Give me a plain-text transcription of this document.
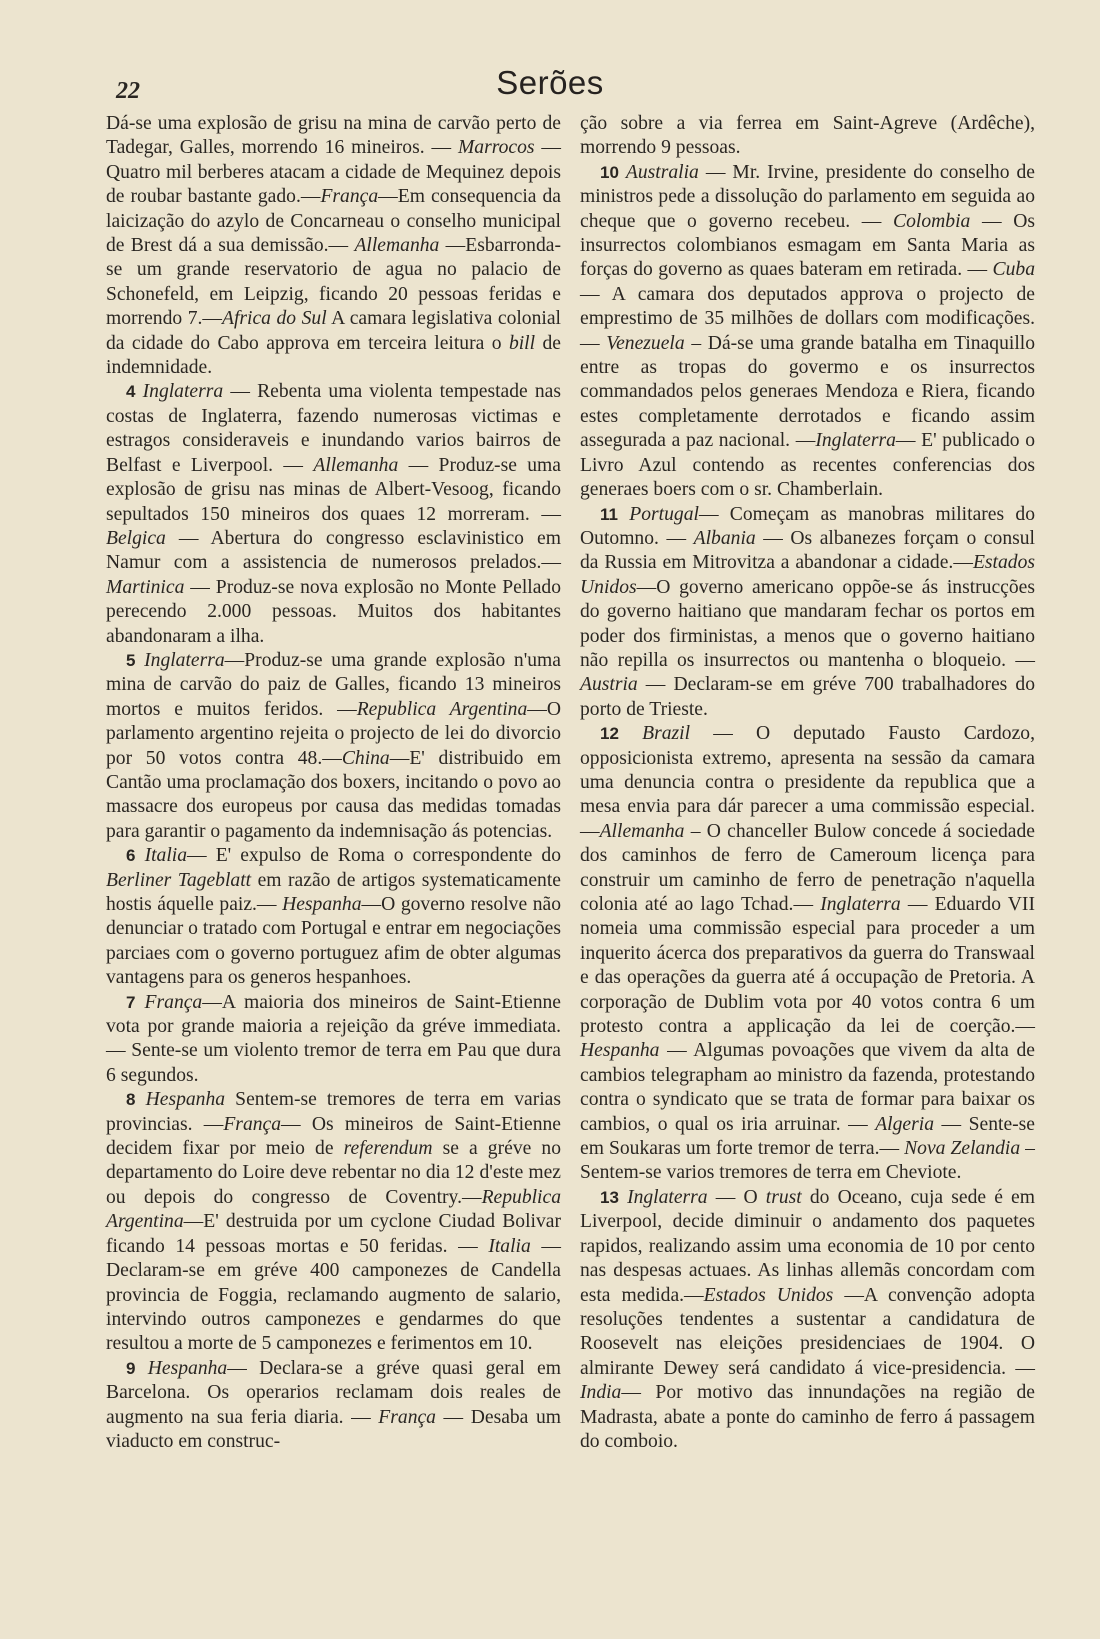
22	Serões

Dá-se uma explosão de grisu na mina de carvão perto de Tadegar, Galles, morrendo 16 mineiros. — Marrocos — Quatro mil berberes atacam a cidade de Mequinez depois de roubar bastante gado.—França—Em consequencia da laicização do azylo de Concarneau o conselho municipal de Brest dá a sua demissão.— Allemanha —Esbarronda-se um grande reservatorio de agua no palacio de Schonefeld, em Leipzig, ficando 20 pessoas feridas e morrendo 7.—Africa do Sul A camara legislativa colonial da cidade do Cabo approva em terceira leitura o bill de indemnidade.

4 Inglaterra — Rebenta uma violenta tempestade nas costas de Inglaterra, fazendo numerosas victimas e estragos consideraveis e inundando varios bairros de Belfast e Liverpool. — Allemanha — Produz-se uma explosão de grisu nas minas de Albert-Vesoog, ficando sepultados 150 mineiros dos quaes 12 morreram. — Belgica — Abertura do congresso esclavinistico em Namur com a assistencia de numerosos prelados.— Martinica — Produz-se nova explosão no Monte Pellado perecendo 2.000 pessoas. Muitos dos habitantes abandonaram a ilha.

5 Inglaterra—Produz-se uma grande explosão n'uma mina de carvão do paiz de Galles, ficando 13 mineiros mortos e muitos feridos. —Republica Argentina—O parlamento argentino rejeita o projecto de lei do divorcio por 50 votos contra 48.—China—E' distribuido em Cantão uma proclamação dos boxers, incitando o povo ao massacre dos europeus por causa das medidas tomadas para garantir o pagamento da indemnisação ás potencias.

6 Italia— E' expulso de Roma o correspondente do Berliner Tageblatt em razão de artigos systematicamente hostis áquelle paiz.— Hespanha—O governo resolve não denunciar o tratado com Portugal e entrar em negociações parciaes com o governo portuguez afim de obter algumas vantagens para os generos hespanhoes.

7 França—A maioria dos mineiros de Saint-Etienne vota por grande maioria a rejeição da gréve immediata. — Sente-se um violento tremor de terra em Pau que dura 6 segundos.

8 Hespanha Sentem-se tremores de terra em varias provincias. —França— Os mineiros de Saint-Etienne decidem fixar por meio de referendum se a gréve no departamento do Loire deve rebentar no dia 12 d'este mez ou depois do congresso de Coventry.—Republica Argentina—E' destruida por um cyclone Ciudad Bolivar ficando 14 pessoas mortas e 50 feridas. — Italia — Declaram-se em gréve 400 camponezes de Candella provincia de Foggia, reclamando augmento de salario, intervindo outros camponezes e gendarmes do que resultou a morte de 5 camponezes e ferimentos em 10.

9 Hespanha— Declara-se a gréve quasi geral em Barcelona. Os operarios reclamam dois reales de augmento na sua feria diaria. — França — Desaba um viaducto em construc-

ção sobre a via ferrea em Saint-Agreve (Ardêche), morrendo 9 pessoas.

10 Australia — Mr. Irvine, presidente do conselho de ministros pede a dissolução do parlamento em seguida ao cheque que o governo recebeu. — Colombia — Os insurrectos colombianos esmagam em Santa Maria as forças do governo as quaes bateram em retirada. — Cuba — A camara dos deputados approva o projecto de emprestimo de 35 milhões de dollars com modificações. — Venezuela – Dá-se uma grande batalha em Tinaquillo entre as tropas do govermo e os insurrectos commandados pelos generaes Mendoza e Riera, ficando estes completamente derrotados e ficando assim assegurada a paz nacional. —Inglaterra— E' publicado o Livro Azul contendo as recentes conferencias dos generaes boers com o sr. Chamberlain.

11 Portugal— Começam as manobras militares do Outomno. — Albania — Os albanezes forçam o consul da Russia em Mitrovitza a abandonar a cidade.—Estados Unidos—O governo americano oppõe-se ás instrucções do governo haitiano que mandaram fechar os portos em poder dos firministas, a menos que o governo haitiano não repilla os insurrectos ou mantenha o bloqueio. — Austria — Declaram-se em gréve 700 trabalhadores do porto de Trieste.

12 Brazil — O deputado Fausto Cardozo, opposicionista extremo, apresenta na sessão da camara uma denuncia contra o presidente da republica que a mesa envia para dár parecer a uma commissão especial.—Allemanha – O chanceller Bulow concede á sociedade dos caminhos de ferro de Cameroum licença para construir um caminho de ferro de penetração n'aquella colonia até ao lago Tchad.— Inglaterra — Eduardo VII nomeia uma commissão especial para proceder a um inquerito ácerca dos preparativos da guerra do Transwaal e das operações da guerra até á occupação de Pretoria. A corporação de Dublim vota por 40 votos contra 6 um protesto contra a applicação da lei de coerção.— Hespanha — Algumas povoações que vivem da alta de cambios telegrapham ao ministro da fazenda, protestando contra o syndicato que se trata de formar para baixar os cambios, o qual os iria arruinar. — Algeria — Sente-se em Soukaras um forte tremor de terra.— Nova Zelandia – Sentem-se varios tremores de terra em Cheviote.

13 Inglaterra — O trust do Oceano, cuja sede é em Liverpool, decide diminuir o andamento dos paquetes rapidos, realizando assim uma economia de 10 por cento nas despesas actuaes. As linhas allemãs concordam com esta medida.—Estados Unidos —A convenção adopta resoluções tendentes a sustentar a candidatura de Roosevelt nas eleições presidenciaes de 1904. O almirante Dewey será candidato á vice-presidencia. —India— Por motivo das innundações na região de Madrasta, abate a ponte do caminho de ferro á passagem do comboio.
